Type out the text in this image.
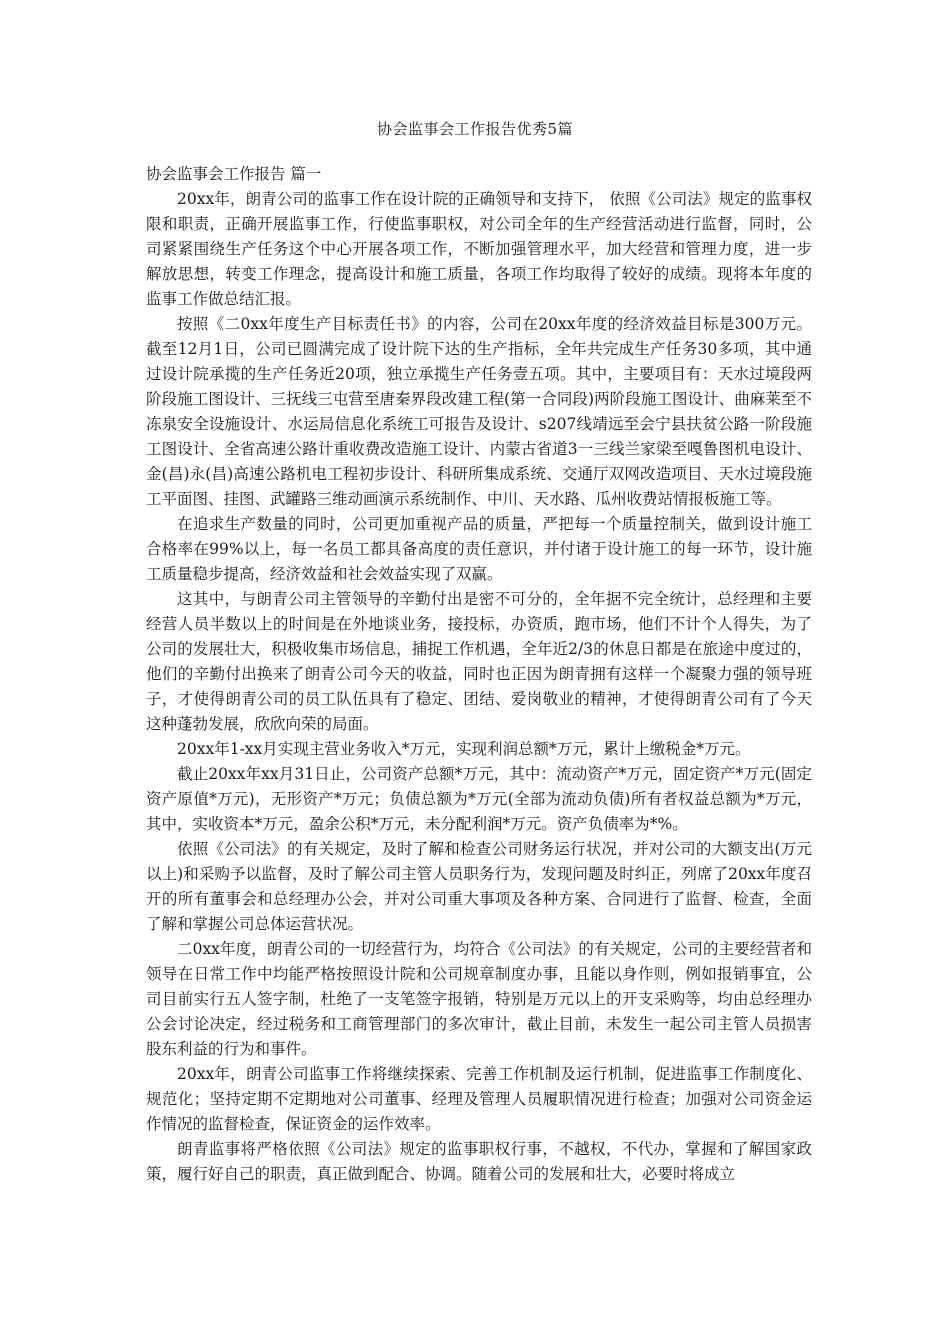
协会监事会工作报告优秀5篇
协会监事会工作报告 篇一

20xx年，朗青公司的监事工作在设计院的正确领导和支持下， 依照《公司法》规定的监事权限和职责，正确开展监事工作，行使监事职权，对公司全年的生产经营活动进行监督，同时，公司紧紧围绕生产任务这个中心开展各项工作，不断加强管理水平，加大经营和管理力度，进一步解放思想，转变工作理念，提高设计和施工质量，各项工作均取得了较好的成绩。现将本年度的监事工作做总结汇报。

按照《二0xx年度生产目标责任书》的内容，公司在20xx年度的经济效益目标是300万元。截至12月1日，公司已圆满完成了设计院下达的生产指标，全年共完成生产任务30多项，其中通过设计院承揽的生产任务近20项，独立承揽生产任务壹五项。其中，主要项目有：天水过境段两阶段施工图设计、三抚线三屯营至唐秦界段改建工程(第一合同段)两阶段施工图设计、曲麻莱至不冻泉安全设施设计、水运局信息化系统工可报告及设计、s207线靖远至会宁县扶贫公路一阶段施工图设计、全省高速公路计重收费改造施工设计、内蒙古省道3一三线兰家梁至嘎鲁图机电设计、金(昌)永(昌)高速公路机电工程初步设计、科研所集成系统、交通厅双网改造项目、天水过境段施工平面图、挂图、武罐路三维动画演示系统制作、中川、天水路、瓜州收费站情报板施工等。

在追求生产数量的同时，公司更加重视产品的质量，严把每一个质量控制关，做到设计施工合格率在99%以上，每一名员工都具备高度的责任意识，并付诸于设计施工的每一环节，设计施工质量稳步提高，经济效益和社会效益实现了双赢。

这其中，与朗青公司主管领导的辛勤付出是密不可分的，全年据不完全统计，总经理和主要经营人员半数以上的时间是在外地谈业务，接投标，办资质，跑市场，他们不计个人得失，为了公司的发展壮大，积极收集市场信息，捕捉工作机遇，全年近2/3的休息日都是在旅途中度过的，他们的辛勤付出换来了朗青公司今天的收益，同时也正因为朗青拥有这样一个凝聚力强的领导班子，才使得朗青公司的员工队伍具有了稳定、团结、爱岗敬业的精神，才使得朗青公司有了今天这种蓬勃发展，欣欣向荣的局面。

20xx年1-xx月实现主营业务收入*万元，实现利润总额*万元，累计上缴税金*万元。

截止20xx年xx月31日止，公司资产总额*万元，其中：流动资产*万元，固定资产*万元(固定资产原值*万元)，无形资产*万元；负债总额为*万元(全部为流动负债)所有者权益总额为*万元，其中，实收资本*万元，盈余公积*万元，未分配利润*万元。资产负债率为*%。

依照《公司法》的有关规定，及时了解和检查公司财务运行状况，并对公司的大额支出(万元以上)和采购予以监督，及时了解公司主管人员职务行为，发现问题及时纠正，列席了20xx年度召开的所有董事会和总经理办公会，并对公司重大事项及各种方案、合同进行了监督、检查，全面了解和掌握公司总体运营状况。

二0xx年度，朗青公司的一切经营行为，均符合《公司法》的有关规定，公司的主要经营者和领导在日常工作中均能严格按照设计院和公司规章制度办事，且能以身作则，例如报销事宜，公司目前实行五人签字制，杜绝了一支笔签字报销，特别是万元以上的开支采购等，均由总经理办公会讨论决定，经过税务和工商管理部门的多次审计，截止目前，未发生一起公司主管人员损害股东利益的行为和事件。

20xx年，朗青公司监事工作将继续探索、完善工作机制及运行机制，促进监事工作制度化、规范化；坚持定期不定期地对公司董事、经理及管理人员履职情况进行检查；加强对公司资金运作情况的监督检查，保证资金的运作效率。

朗青监事将严格依照《公司法》规定的监事职权行事，不越权，不代办，掌握和了解国家政策，履行好自己的职责，真正做到配合、协调。随着公司的发展和壮大，必要时将成立
